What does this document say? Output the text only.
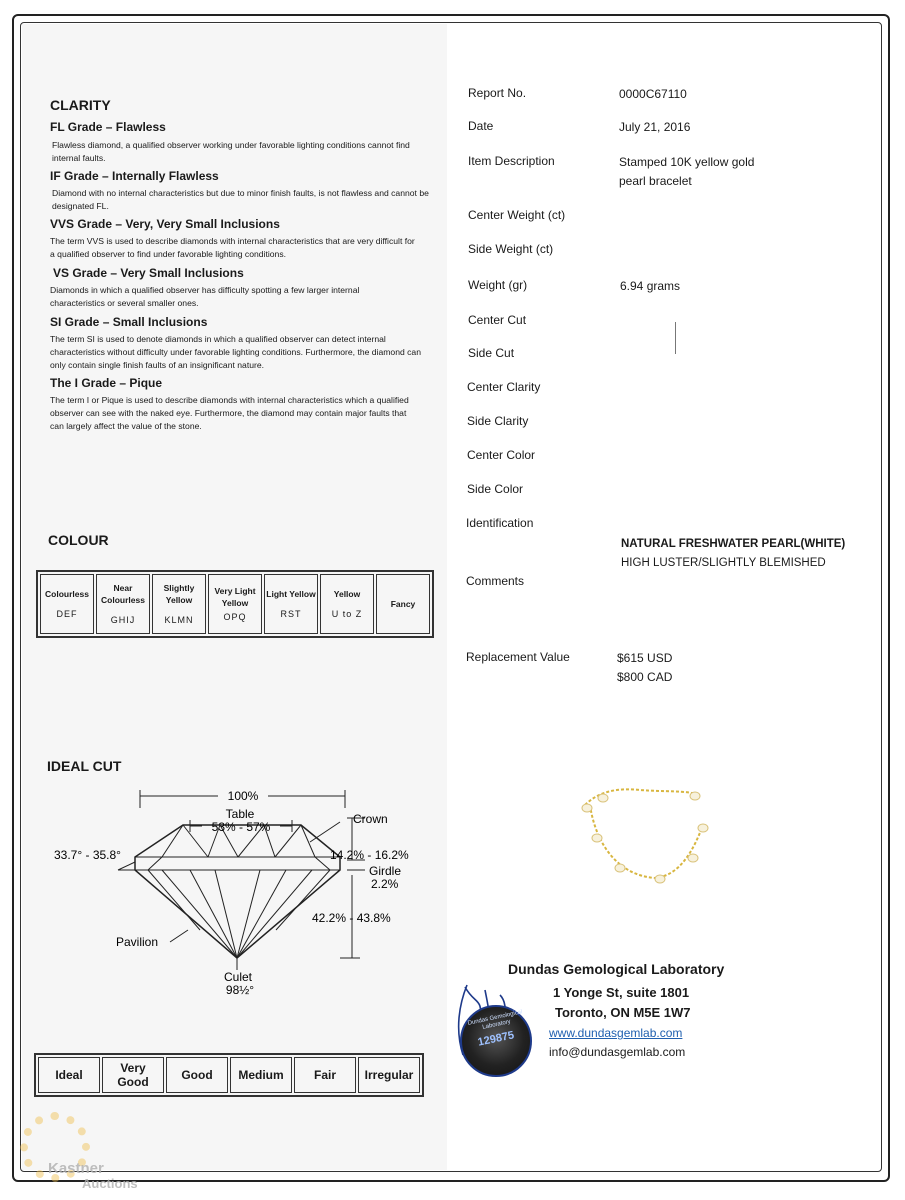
CLARITY
FL Grade – Flawless
Flawless diamond, a qualified observer working under favorable lighting conditions cannot find internal faults.
IF Grade – Internally Flawless
Diamond with no internal characteristics but due to minor finish faults, is not flawless and cannot be designated FL.
VVS Grade – Very, Very Small Inclusions
The term VVS is used to describe diamonds with internal characteristics that are very difficult for a qualified observer to find under favorable lighting conditions.
VS Grade – Very Small Inclusions
Diamonds in which a qualified observer has difficulty spotting a few larger internal characteristics or several smaller ones.
SI Grade – Small Inclusions
The term SI is used to denote diamonds in which a qualified observer can detect internal characteristics without difficulty under favorable lighting conditions. Furthermore, the diamond can only contain single finish faults of an insignificant nature.
The I Grade – Pique
The term I or Pique is used to describe diamonds with internal characteristics which a qualified observer can see with the naked eye. Furthermore, the diamond may contain major faults that can largely affect the value of the stone.
COLOUR
Colourless
DEF

Near Colourless
GHIJ

Slightly Yellow
KLMN

Very Light Yellow
OPQ

Light Yellow
RST

Yellow
U to Z

Fancy
IDEAL CUT
100%
Table
53% - 57%
Crown
33.7° - 35.8°	14.2% - 16.2%
Girdle
2.2%
42.2% - 43.8%
Pavilion
Culet
98½°
Ideal	Very Good	Good	Medium	Fair	Irregular
Report No.	0000C67110
Date	July 21, 2016
Item Description	Stamped 10K yellow gold
pearl bracelet
Center Weight (ct)
Side Weight (ct)
Weight (gr)	6.94 grams
Center Cut
Side Cut
Center Clarity
Side Clarity
Center Color
Side Color
Identification
NATURAL FRESHWATER PEARL(WHITE)
HIGH LUSTER/SLIGHTLY BLEMISHED
Comments
Replacement Value	$615 USD
$800 CAD
Dundas Gemological Laboratory
1 Yonge St, suite 1801
Toronto, ON M5E 1W7
www.dundasgemlab.com
info@dundasgemlab.com
Dundas Gemological Laboratory
129875
Kastner
Auctions
